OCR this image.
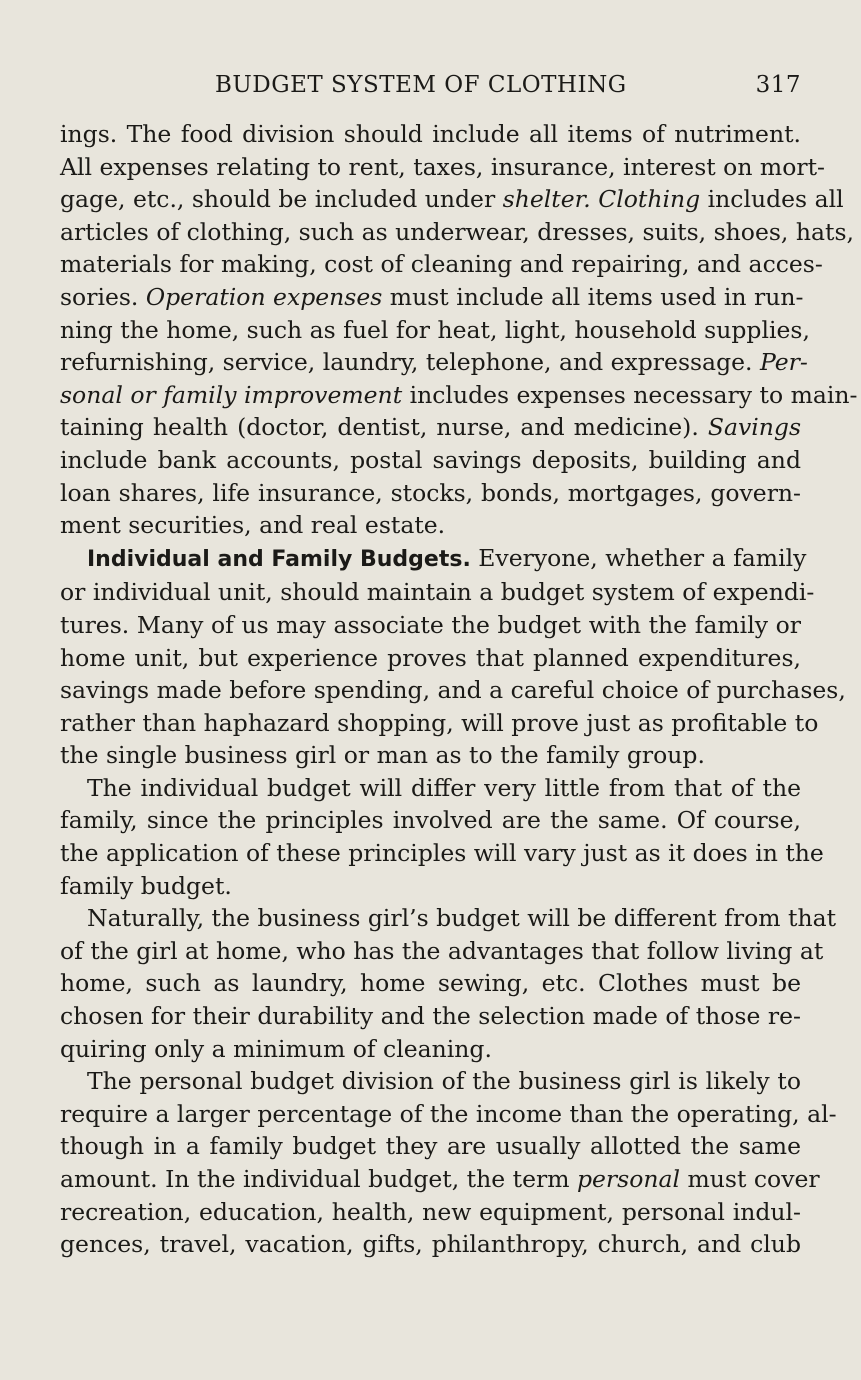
BUDGET SYSTEM OF CLOTHING	317
ings. The food division should include all items of nutriment.
All expenses relating to rent, taxes, insurance, interest on mort-
gage, etc., should be included under shelter. Clothing includes all
articles of clothing, such as underwear, dresses, suits, shoes, hats,
materials for making, cost of cleaning and repairing, and acces-
sories. Operation expenses must include all items used in run-
ning the home, such as fuel for heat, light, household supplies,
refurnishing, service, laundry, telephone, and expressage. Per-
sonal or family improvement includes expenses necessary to main-
taining health (doctor, dentist, nurse, and medicine). Savings
include bank accounts, postal savings deposits, building and
loan shares, life insurance, stocks, bonds, mortgages, govern-
ment securities, and real estate.
Individual and Family Budgets. Everyone, whether a family
or individual unit, should maintain a budget system of expendi-
tures. Many of us may associate the budget with the family or
home unit, but experience proves that planned expenditures,
savings made before spending, and a careful choice of purchases,
rather than haphazard shopping, will prove just as profitable to
the single business girl or man as to the family group.
The individual budget will differ very little from that of the
family, since the principles involved are the same. Of course,
the application of these principles will vary just as it does in the
family budget.
Naturally, the business girl’s budget will be different from that
of the girl at home, who has the advantages that follow living at
home, such as laundry, home sewing, etc. Clothes must be
chosen for their durability and the selection made of those re-
quiring only a minimum of cleaning.
The personal budget division of the business girl is likely to
require a larger percentage of the income than the operating, al-
though in a family budget they are usually allotted the same
amount. In the individual budget, the term personal must cover
recreation, education, health, new equipment, personal indul-
gences, travel, vacation, gifts, philanthropy, church, and club
